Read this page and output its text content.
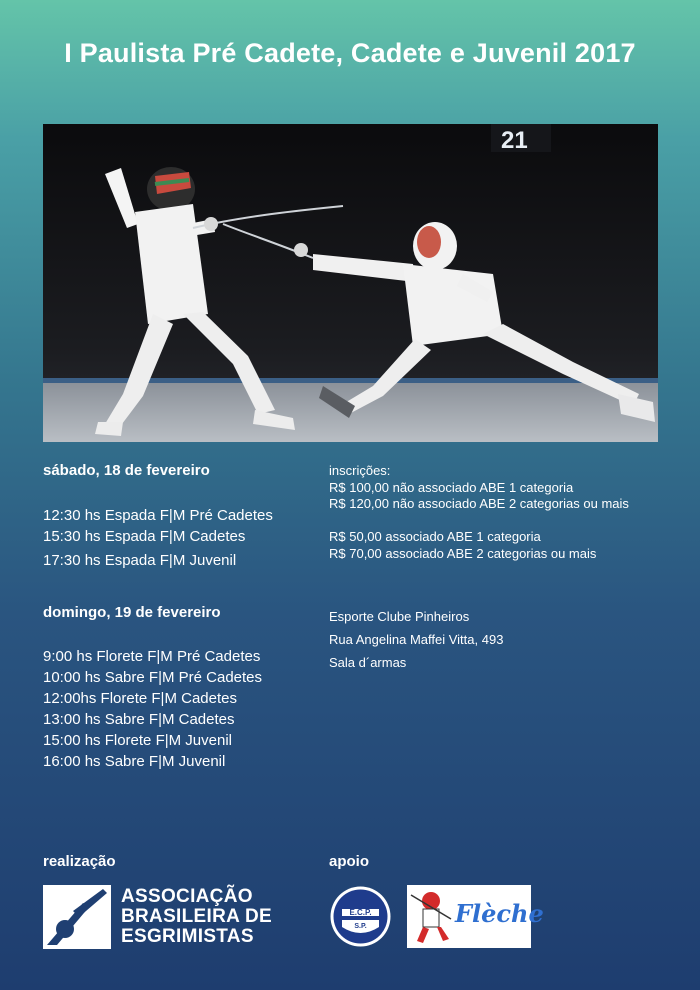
I Paulista Pré Cadete, Cadete e Juvenil 2017
21

sábado, 18 de fevereiro

12:30 hs Espada F|M Pré Cadetes

15:30 hs Espada F|M Cadetes

17:30 hs Espada F|M Juvenil

domingo, 19 de fevereiro

9:00 hs Florete F|M Pré Cadetes

10:00 hs Sabre F|M Pré Cadetes

12:00hs Florete F|M Cadetes

13:00 hs Sabre F|M Cadetes

15:00 hs Florete F|M Juvenil

16:00 hs Sabre F|M Juvenil

inscrições:

R$ 100,00 não associado ABE 1 categoria

R$ 120,00 não associado ABE 2 categorias ou mais

R$ 50,00 associado ABE 1 categoria

R$ 70,00 associado ABE 2 categorias ou mais

Esporte Clube Pinheiros

Rua Angelina Maffei Vitta, 493

Sala d´armas

realização	apoio

ASSOCIAÇÃO
BRASILEIRA DE
ESGRIMISTAS
E.C.P.
S.P.	Flèche
